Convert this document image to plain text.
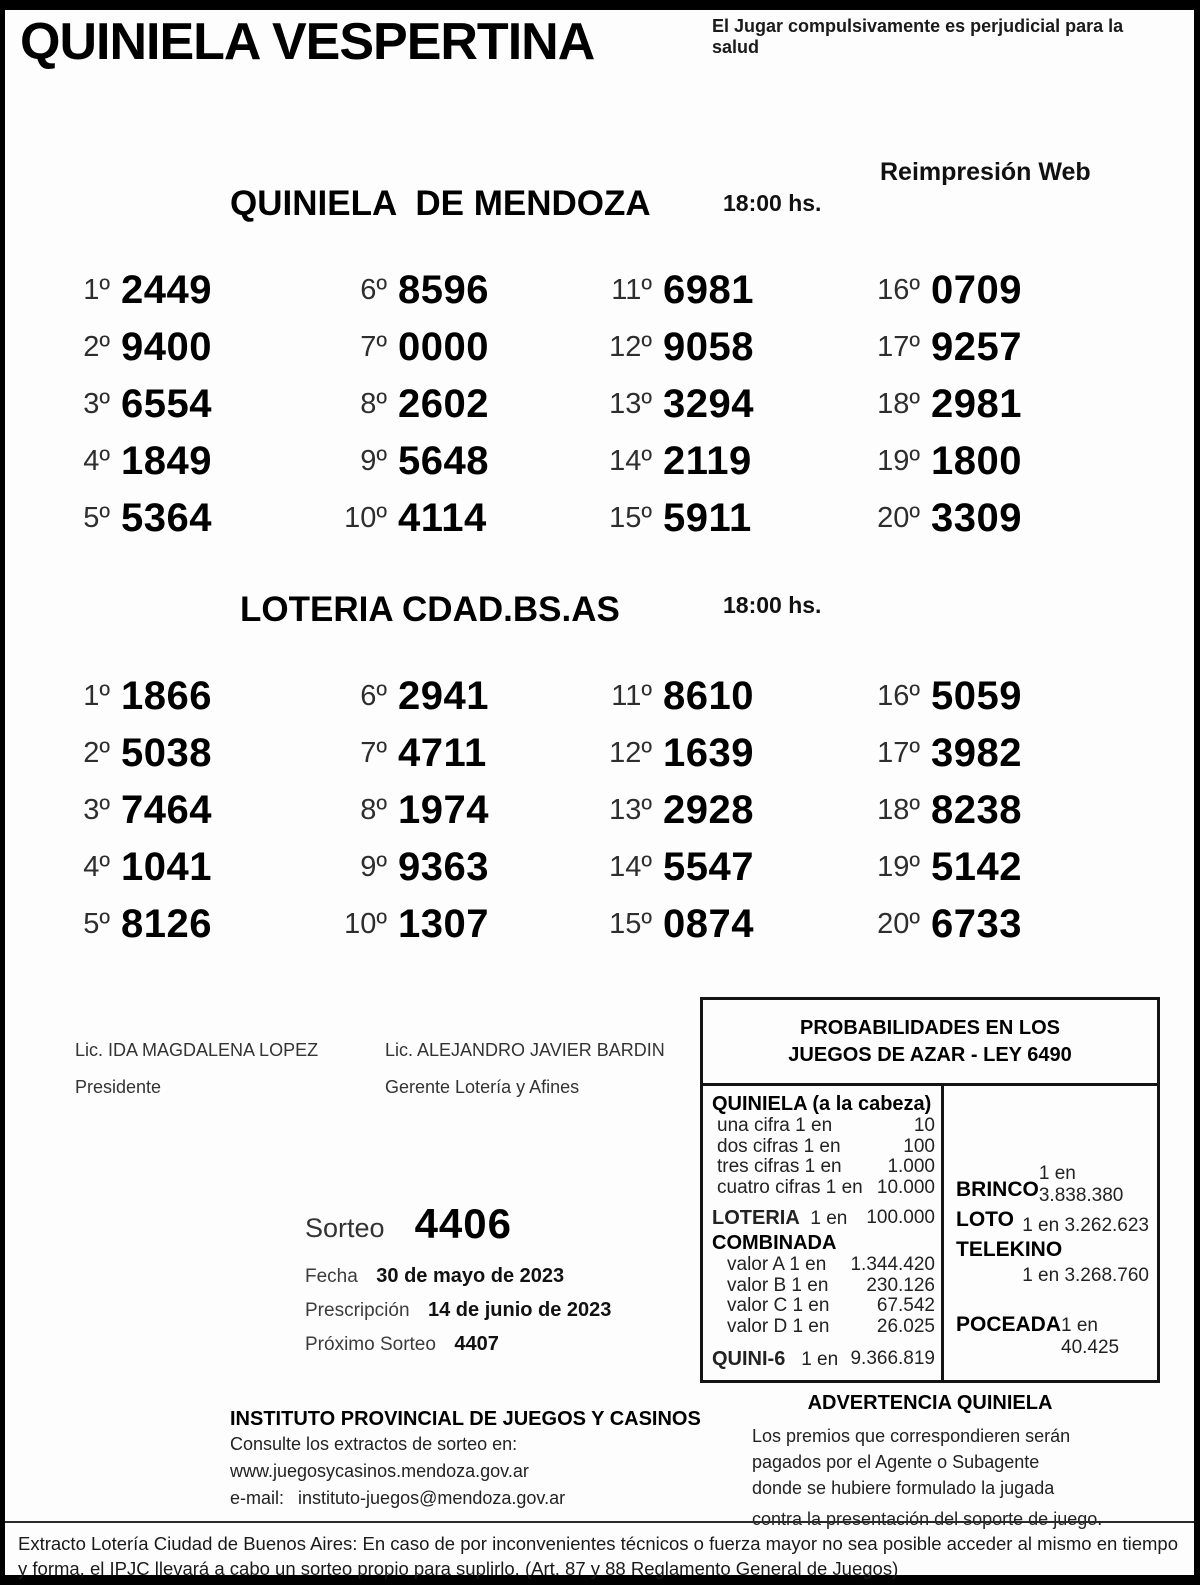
QUINIELA VESPERTINA	El Jugar compulsivamente es perjudicial para la salud
Reimpresión Web
QUINIELA  DE MENDOZA	18:00 hs.
1º 2449
2º 9400
3º 6554
4º 1849
5º 5364
6º 8596
7º 0000
8º 2602
9º 5648
10º 4114
11º 6981
12º 9058
13º 3294
14º 2119
15º 5911
16º 0709
17º 9257
18º 2981
19º 1800
20º 3309
LOTERIA CDAD.BS.AS	18:00 hs.
1º 1866
2º 5038
3º 7464
4º 1041
5º 8126
6º 2941
7º 4711
8º 1974
9º 9363
10º 1307
11º 8610
12º 1639
13º 2928
14º 5547
15º 0874
16º 5059
17º 3982
18º 8238
19º 5142
20º 6733
Lic. IDA MAGDALENA LOPEZ
Presidente
Lic. ALEJANDRO JAVIER BARDIN
Gerente Lotería y Afines
Sorteo 4406
Fecha 30 de mayo de 2023
Prescripción 14 de junio de 2023
Próximo Sorteo 4407
PROBABILIDADES EN LOS
JUEGOS DE AZAR - LEY 6490
QUINIELA (a la cabeza)
una cifra 1 en	10
dos cifras 1 en	100
tres cifras 1 en 1.000
cuatro cifras 1 en 10.000
LOTERIA 1 en 100.000
COMBINADA
valor A 1 en 1.344.420
valor B 1 en 230.126
valor C 1 en 67.542
valor D 1 en 26.025
QUINI-6 1 en 9.366.819
BRINCO
1 en 3.838.380
LOTO 1 en 3.262.623
TELEKINO
1 en 3.268.760
POCEADA 1 en 40.425
ADVERTENCIA QUINIELA
Los premios que correspondieren serán
pagados por el Agente o Subagente
donde se hubiere formulado la jugada
contra la presentación del soporte de juego.
INSTITUTO PROVINCIAL DE JUEGOS Y CASINOS
Consulte los extractos de sorteo en:
www.juegosycasinos.mendoza.gov.ar
e-mail: instituto-juegos@mendoza.gov.ar
Extracto Lotería Ciudad de Buenos Aires: En caso de por inconvenientes técnicos o fuerza mayor no sea posible acceder al mismo en tiempo y forma, el IPJC llevará a cabo un sorteo propio para suplirlo. (Art. 87 y 88 Reglamento General de Juegos)
